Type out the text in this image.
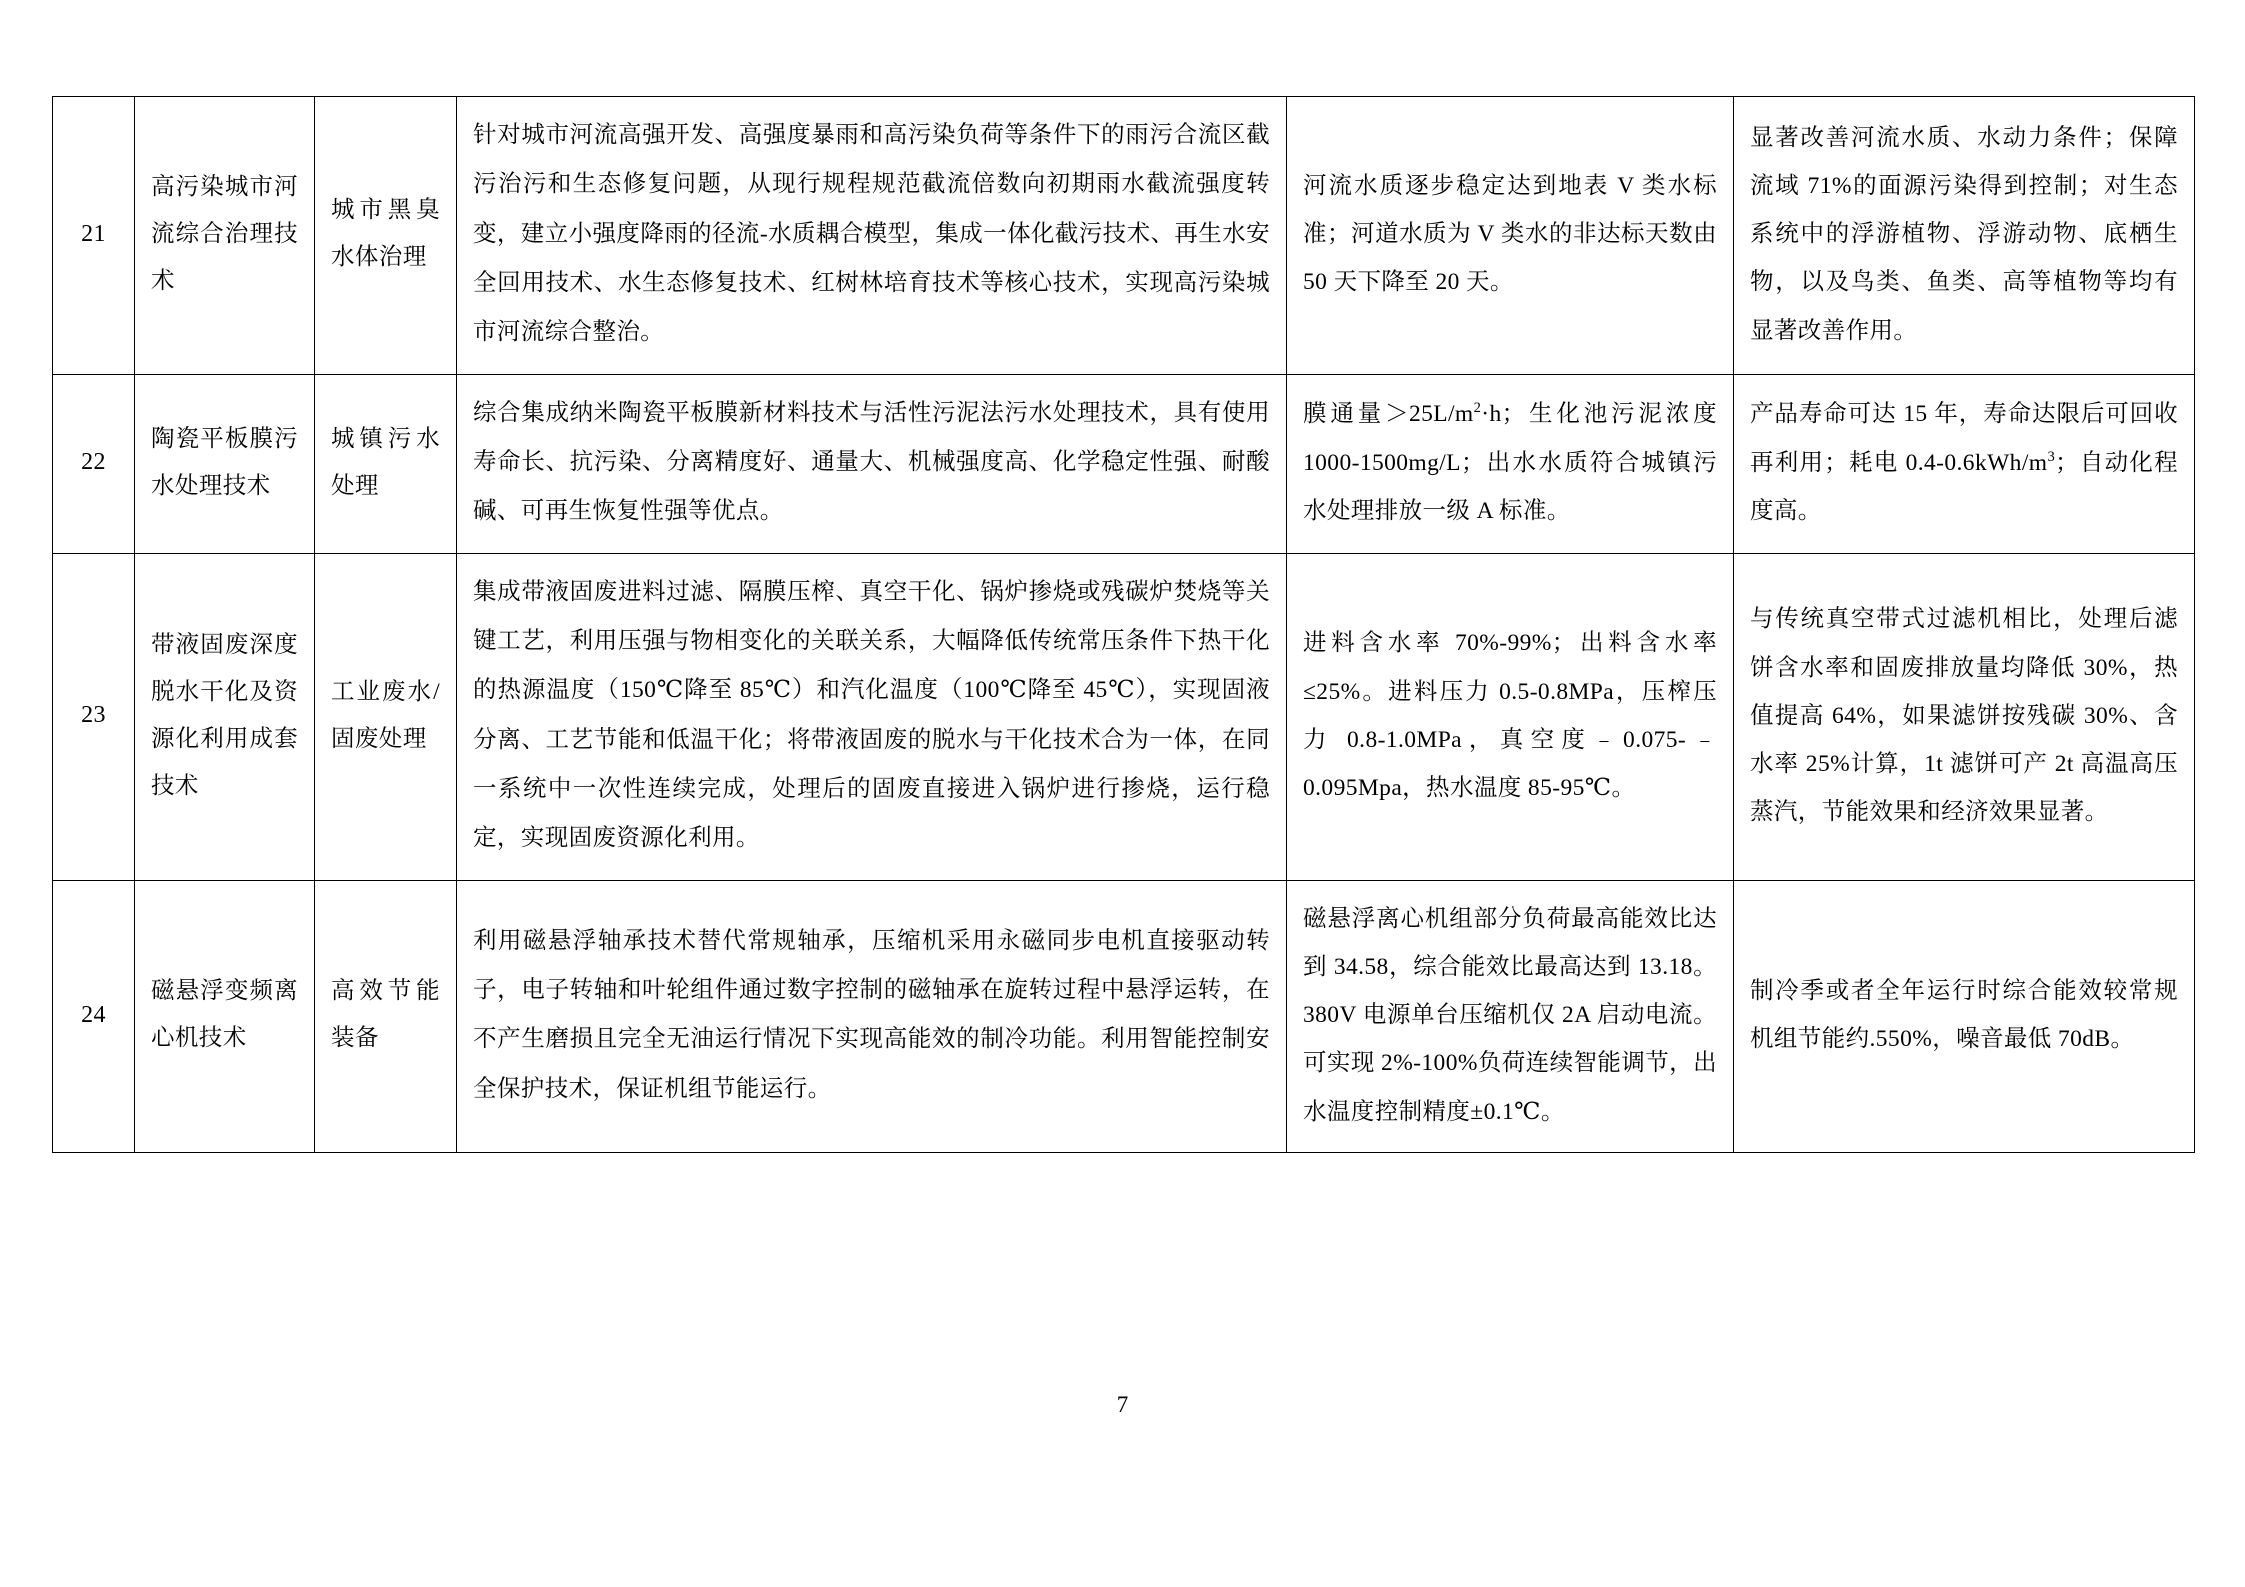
21	高污染城市河流综合治理技术	城市黑臭水体治理	针对城市河流高强开发、高强度暴雨和高污染负荷等条件下的雨污合流区截污治污和生态修复问题，从现行规程规范截流倍数向初期雨水截流强度转变，建立小强度降雨的径流-水质耦合模型，集成一体化截污技术、再生水安全回用技术、水生态修复技术、红树林培育技术等核心技术，实现高污染城市河流综合整治。	河流水质逐步稳定达到地表 V 类水标准；河道水质为 V 类水的非达标天数由 50 天下降至 20 天。	显著改善河流水质、水动力条件；保障流域 71%的面源污染得到控制；对生态系统中的浮游植物、浮游动物、底栖生物，以及鸟类、鱼类、高等植物等均有显著改善作用。
22	陶瓷平板膜污水处理技术	城镇污水处理	综合集成纳米陶瓷平板膜新材料技术与活性污泥法污水处理技术，具有使用寿命长、抗污染、分离精度好、通量大、机械强度高、化学稳定性强、耐酸碱、可再生恢复性强等优点。	膜通量$>25L/m^2\cdot h$；生化池污泥浓度 1000-1500mg/L；出水水质符合城镇污水处理排放一级 A 标准。	产品寿命可达 15 年，寿命达限后可回收再利用；耗电 $0.4-0.6kWh/m^3$；自动化程度高。
23	带液固废深度脱水干化及资源化利用成套技术	工业废水/固废处理	集成带液固废进料过滤、隔膜压榨、真空干化、锅炉掺烧或残碳炉焚烧等关键工艺，利用压强与物相变化的关联关系，大幅降低传统常压条件下热干化的热源温度（150℃降至 85℃）和汽化温度（100℃降至 45℃），实现固液分离、工艺节能和低温干化；将带液固废的脱水与干化技术合为一体，在同一系统中一次性连续完成，处理后的固废直接进入锅炉进行掺烧，运行稳定，实现固废资源化利用。	进料含水率 70%-99%；出料含水率≤25%。进料压力 0.5-0.8MPa，压榨压力 0.8-1.0MPa，真空度﹣0.075-﹣0.095Mpa，热水温度 85-95℃。	与传统真空带式过滤机相比，处理后滤饼含水率和固废排放量均降低 30%，热值提高 64%，如果滤饼按残碳 30%、含水率 25%计算，1t 滤饼可产 2t 高温高压蒸汽，节能效果和经济效果显著。
24	磁悬浮变频离心机技术	高效节能装备	利用磁悬浮轴承技术替代常规轴承，压缩机采用永磁同步电机直接驱动转子，电子转轴和叶轮组件通过数字控制的磁轴承在旋转过程中悬浮运转，在不产生磨损且完全无油运行情况下实现高能效的制冷功能。利用智能控制安全保护技术，保证机组节能运行。	磁悬浮离心机组部分负荷最高能效比达到 34.58，综合能效比最高达到 13.18。380V 电源单台压缩机仅 2A 启动电流。可实现 2%-100%负荷连续智能调节，出水温度控制精度±0.1℃。	制冷季或者全年运行时综合能效较常规机组节能约.550%，噪音最低 70dB。
7
